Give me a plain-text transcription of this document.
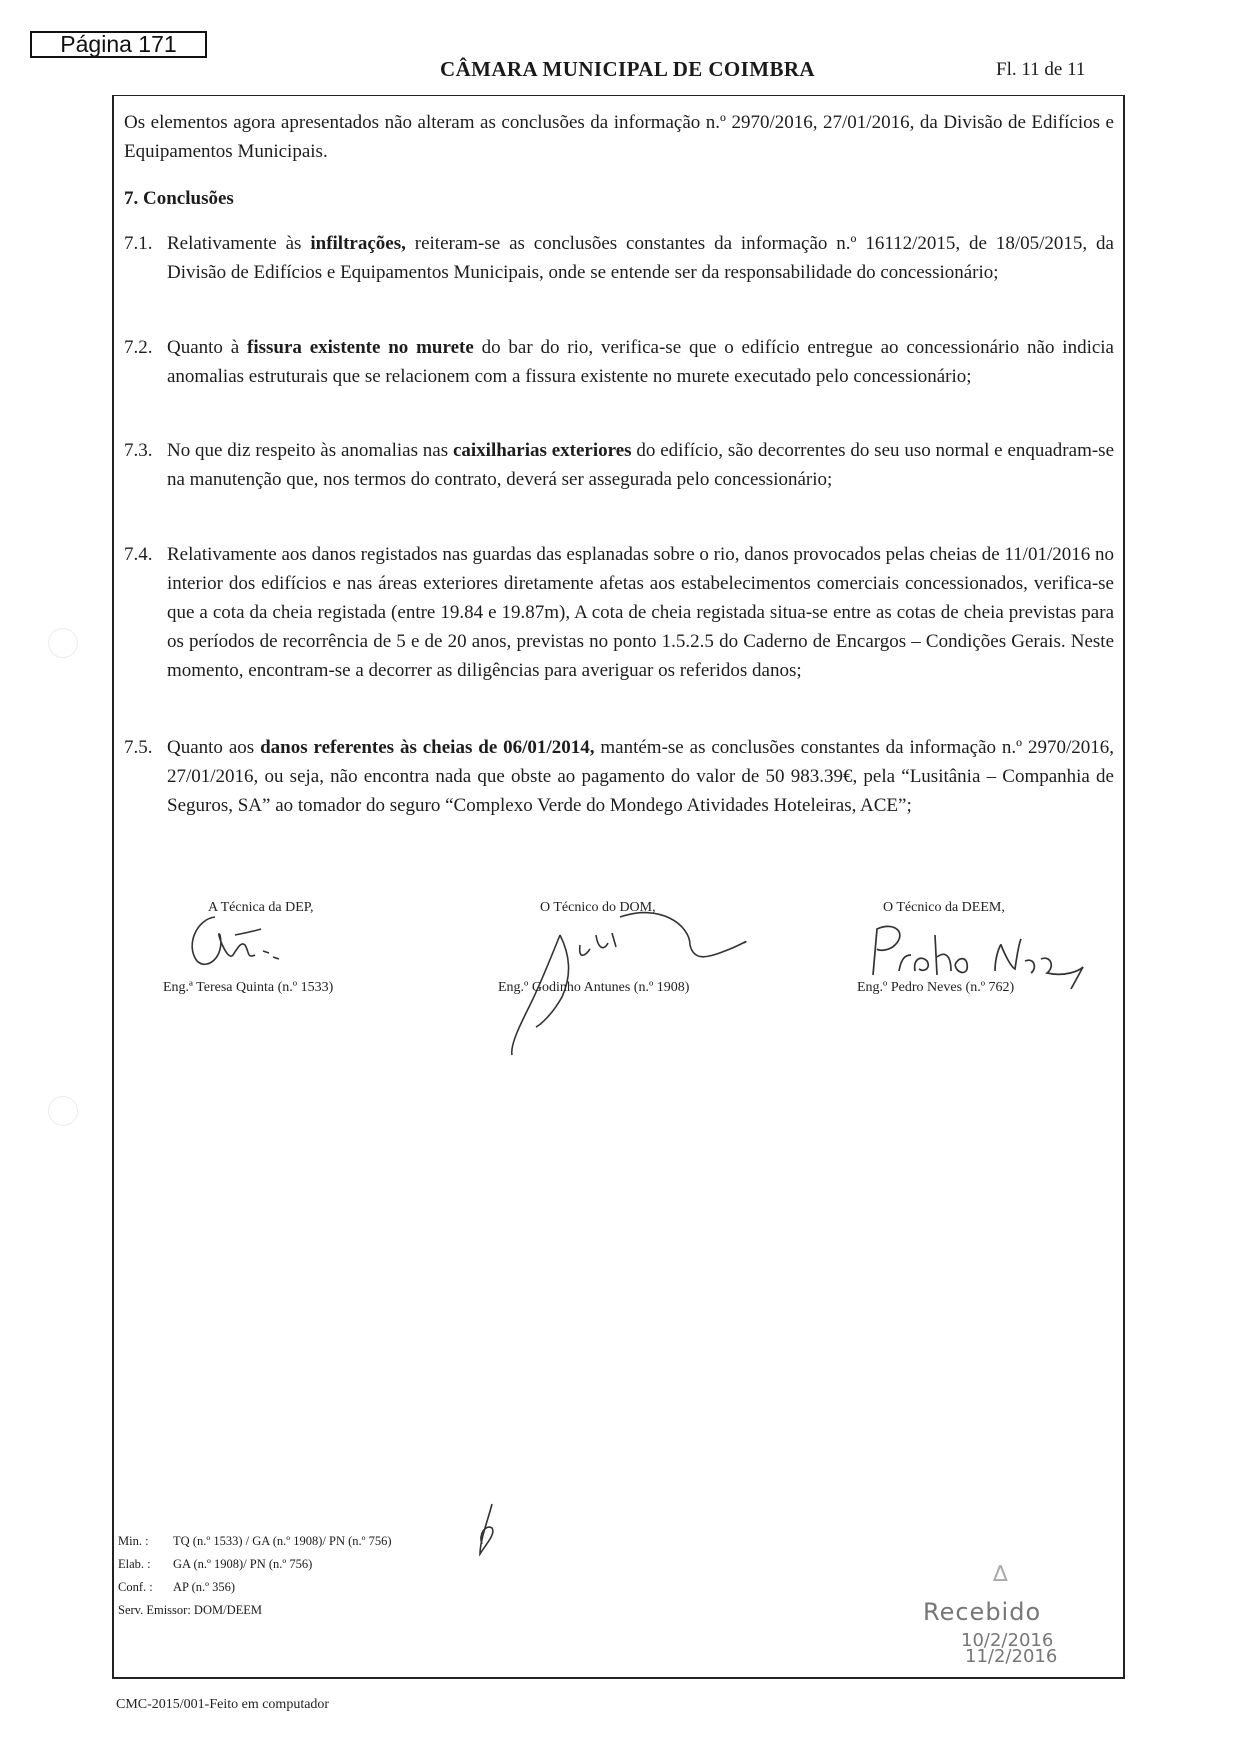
Página 171
CÂMARA MUNICIPAL DE COIMBRA	Fl. 11 de 11
Os elementos agora apresentados não alteram as conclusões da informação n.º 2970/2016, 27/01/2016, da Divisão de Edifícios e Equipamentos Municipais.
7. Conclusões
7.1. Relativamente às infiltrações, reiteram-se as conclusões constantes da informação n.º 16112/2015, de 18/05/2015, da Divisão de Edifícios e Equipamentos Municipais, onde se entende ser da responsabilidade do concessionário;
7.2. Quanto à fissura existente no murete do bar do rio, verifica-se que o edifício entregue ao concessionário não indicia anomalias estruturais que se relacionem com a fissura existente no murete executado pelo concessionário;
7.3. No que diz respeito às anomalias nas caixilharias exteriores do edifício, são decorrentes do seu uso normal e enquadram-se na manutenção que, nos termos do contrato, deverá ser assegurada pelo concessionário;
7.4. Relativamente aos danos registados nas guardas das esplanadas sobre o rio, danos provocados pelas cheias de 11/01/2016 no interior dos edifícios e nas áreas exteriores diretamente afetas aos estabelecimentos comerciais concessionados, verifica-se que a cota da cheia registada (entre 19.84 e 19.87m), A cota de cheia registada situa-se entre as cotas de cheia previstas para os períodos de recorrência de 5 e de 20 anos, previstas no ponto 1.5.2.5 do Caderno de Encargos – Condições Gerais. Neste momento, encontram-se a decorrer as diligências para averiguar os referidos danos;
7.5. Quanto aos danos referentes às cheias de 06/01/2014, mantém-se as conclusões constantes da informação n.º 2970/2016, 27/01/2016, ou seja, não encontra nada que obste ao pagamento do valor de 50 983.39€, pela “Lusitânia – Companhia de Seguros, SA” ao tomador do seguro “Complexo Verde do Mondego Atividades Hoteleiras, ACE”;
A Técnica da DEP,
Eng.ª Teresa Quinta (n.º 1533)
O Técnico do DOM,
Eng.º Godinho Antunes (n.º 1908)
O Técnico da DEEM,
Eng.º Pedro Neves (n.º 762)
Min. : TQ (n.º 1533) / GA (n.º 1908)/ PN (n.º 756)
Elab. : GA (n.º 1908)/ PN (n.º 756)
Conf. : AP (n.º 356)
Serv. Emissor: DOM/DEEM
∆
Recebido
10/2/2016
11/2/2016
CMC-2015/001-Feito em computador
